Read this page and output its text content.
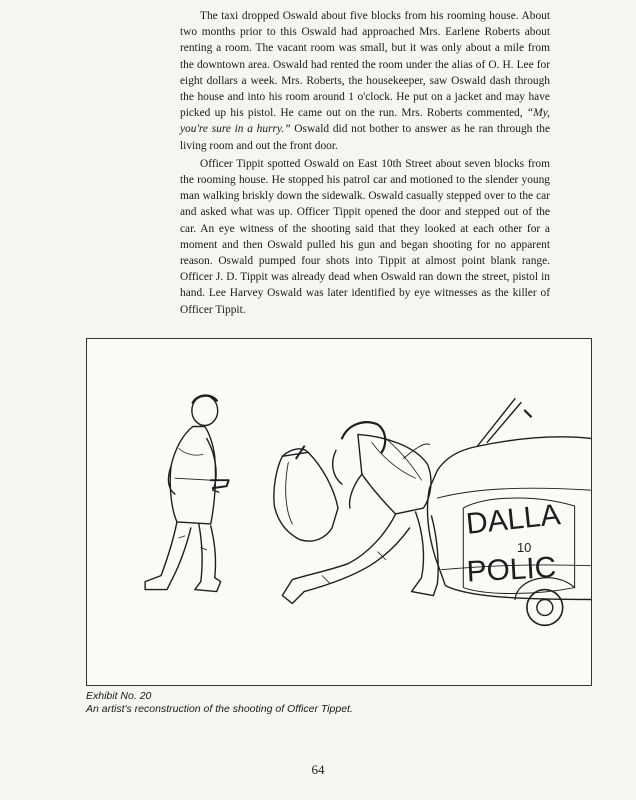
The taxi dropped Oswald about five blocks from his rooming house. About two months prior to this Oswald had approached Mrs. Earlene Roberts about renting a room. The vacant room was small, but it was only about a mile from the downtown area. Oswald had rented the room under the alias of O. H. Lee for eight dollars a week. Mrs. Roberts, the housekeeper, saw Oswald dash through the house and into his room around 1 o'clock. He put on a jacket and may have picked up his pistol. He came out on the run. Mrs. Roberts commented, “My, you're sure in a hurry.” Oswald did not bother to answer as he ran through the living room and out the front door.

Officer Tippit spotted Oswald on East 10th Street about seven blocks from the rooming house. He stopped his patrol car and motioned to the slender young man walking briskly down the sidewalk. Oswald casually stepped over to the car and asked what was up. Officer Tippit opened the door and stepped out of the car. An eye witness of the shooting said that they looked at each other for a moment and then Oswald pulled his gun and began shooting for no apparent reason. Oswald pumped four shots into Tippit at almost point blank range. Officer J. D. Tippit was already dead when Oswald ran down the street, pistol in hand. Lee Harvey Oswald was later identified by eye witnesses as the killer of Officer Tippit.

DALLA
10
POLIC
Exhibit No. 20
An artist's reconstruction of the shooting of Officer Tippet.
64
